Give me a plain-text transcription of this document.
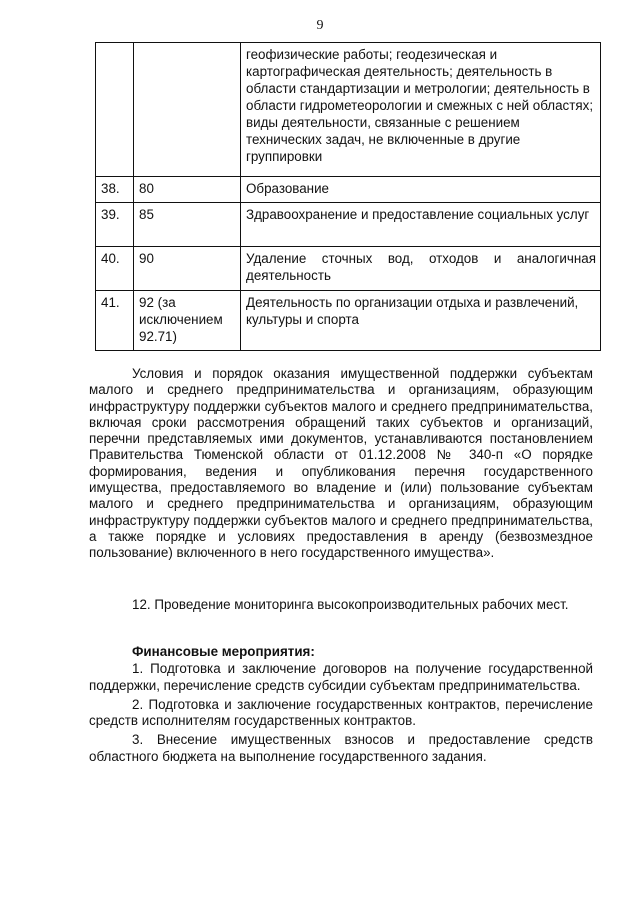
9
		геофизические работы; геодезическая и картографическая деятельность; деятельность в области стандартизации и метрологии; деятельность в области гидрометеорологии и смежных с ней областях; виды деятельности, связанные с решением технических задач, не включенные в другие группировки
38.	80	Образование
39.	85	Здравоохранение и предоставление социальных услуг
40.	90	Удаление сточных вод, отходов и аналогичная деятельность
41.	92 (за исключением 92.71)	Деятельность по организации отдыха и развлечений, культуры и спорта

Условия и порядок оказания имущественной поддержки субъектам малого и среднего предпринимательства и организациям, образующим инфраструктуру поддержки субъектов малого и среднего предпринимательства, включая сроки рассмотрения обращений таких субъектов и организаций, перечни представляемых ими документов, устанавливаются постановлением Правительства Тюменской области от 01.12.2008 № 340-п «О порядке формирования, ведения и опубликования перечня государственного имущества, предоставляемого во владение и (или) пользование субъектам малого и среднего предпринимательства и организациям, образующим инфраструктуру поддержки субъектов малого и среднего предпринимательства, а также порядке и условиях предоставления в аренду (безвозмездное пользование) включенного в него государственного имущества».

12. Проведение мониторинга высокопроизводительных рабочих мест.

Финансовые мероприятия:

1. Подготовка и заключение договоров на получение государственной поддержки, перечисление средств субсидии субъектам предпринимательства.

2. Подготовка и заключение государственных контрактов, перечисление средств исполнителям государственных контрактов.

3. Внесение имущественных взносов и предоставление средств областного бюджета на выполнение государственного задания.
